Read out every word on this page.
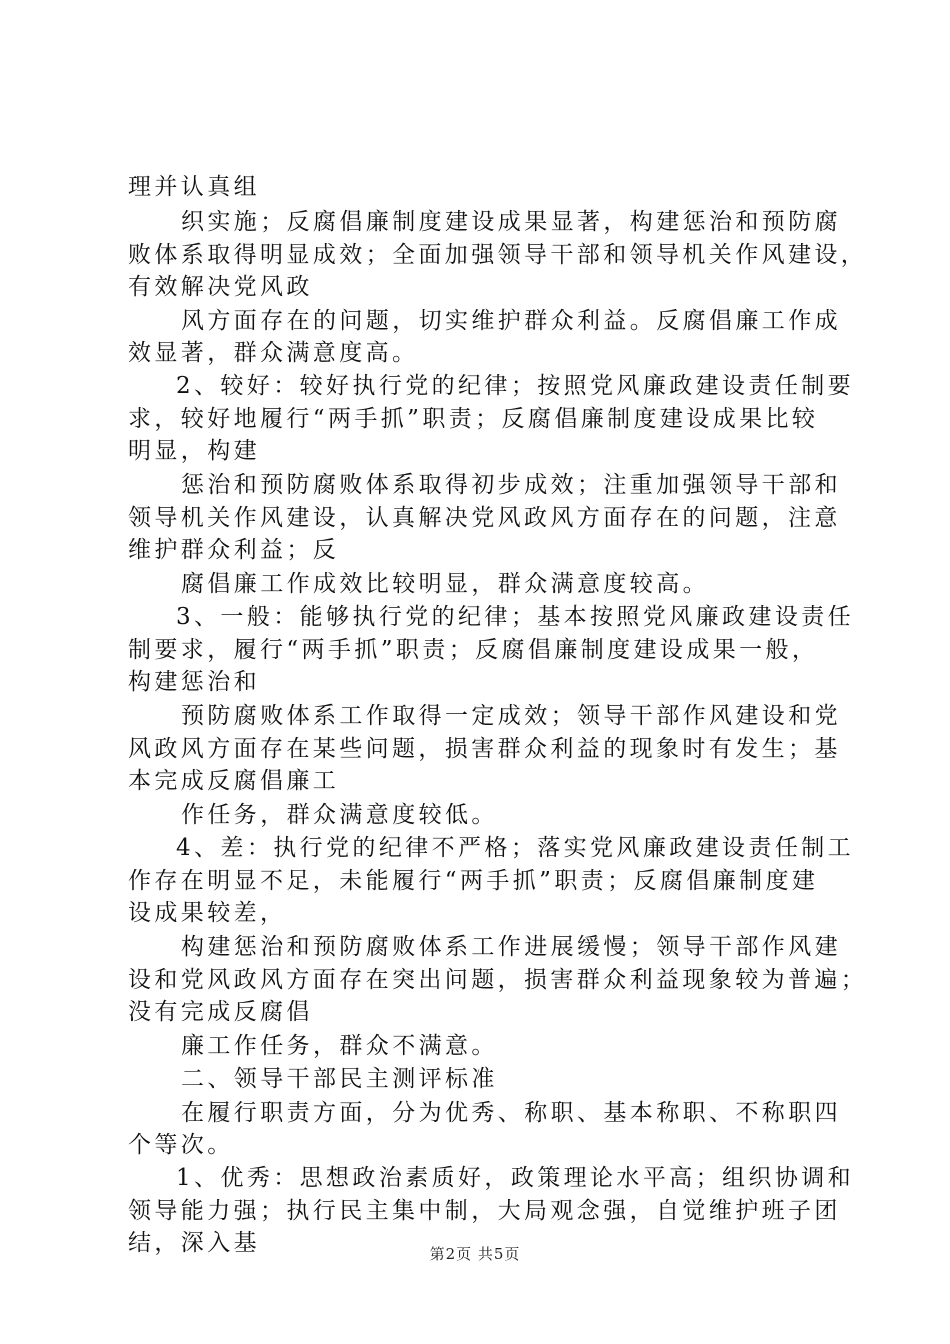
理并认真组
织实施；反腐倡廉制度建设成果显著，构建惩治和预防腐
败体系取得明显成效；全面加强领导干部和领导机关作风建设，
有效解决党风政
风方面存在的问题，切实维护群众利益。反腐倡廉工作成
效显著，群众满意度高。
2、较好：较好执行党的纪律；按照党风廉政建设责任制要
求，较好地履行“两手抓”职责；反腐倡廉制度建设成果比较
明显，构建
惩治和预防腐败体系取得初步成效；注重加强领导干部和
领导机关作风建设，认真解决党风政风方面存在的问题，注意
维护群众利益；反
腐倡廉工作成效比较明显，群众满意度较高。
3、一般：能够执行党的纪律；基本按照党风廉政建设责任
制要求，履行“两手抓”职责；反腐倡廉制度建设成果一般，
构建惩治和
预防腐败体系工作取得一定成效；领导干部作风建设和党
风政风方面存在某些问题，损害群众利益的现象时有发生；基
本完成反腐倡廉工
作任务，群众满意度较低。
4、差：执行党的纪律不严格；落实党风廉政建设责任制工
作存在明显不足，未能履行“两手抓”职责；反腐倡廉制度建
设成果较差，
构建惩治和预防腐败体系工作进展缓慢；领导干部作风建
设和党风政风方面存在突出问题，损害群众利益现象较为普遍；
没有完成反腐倡
廉工作任务，群众不满意。
二、领导干部民主测评标准
在履行职责方面，分为优秀、称职、基本称职、不称职四
个等次。
1、优秀：思想政治素质好，政策理论水平高；组织协调和
领导能力强；执行民主集中制，大局观念强，自觉维护班子团
结，深入基	第2页 共5页
